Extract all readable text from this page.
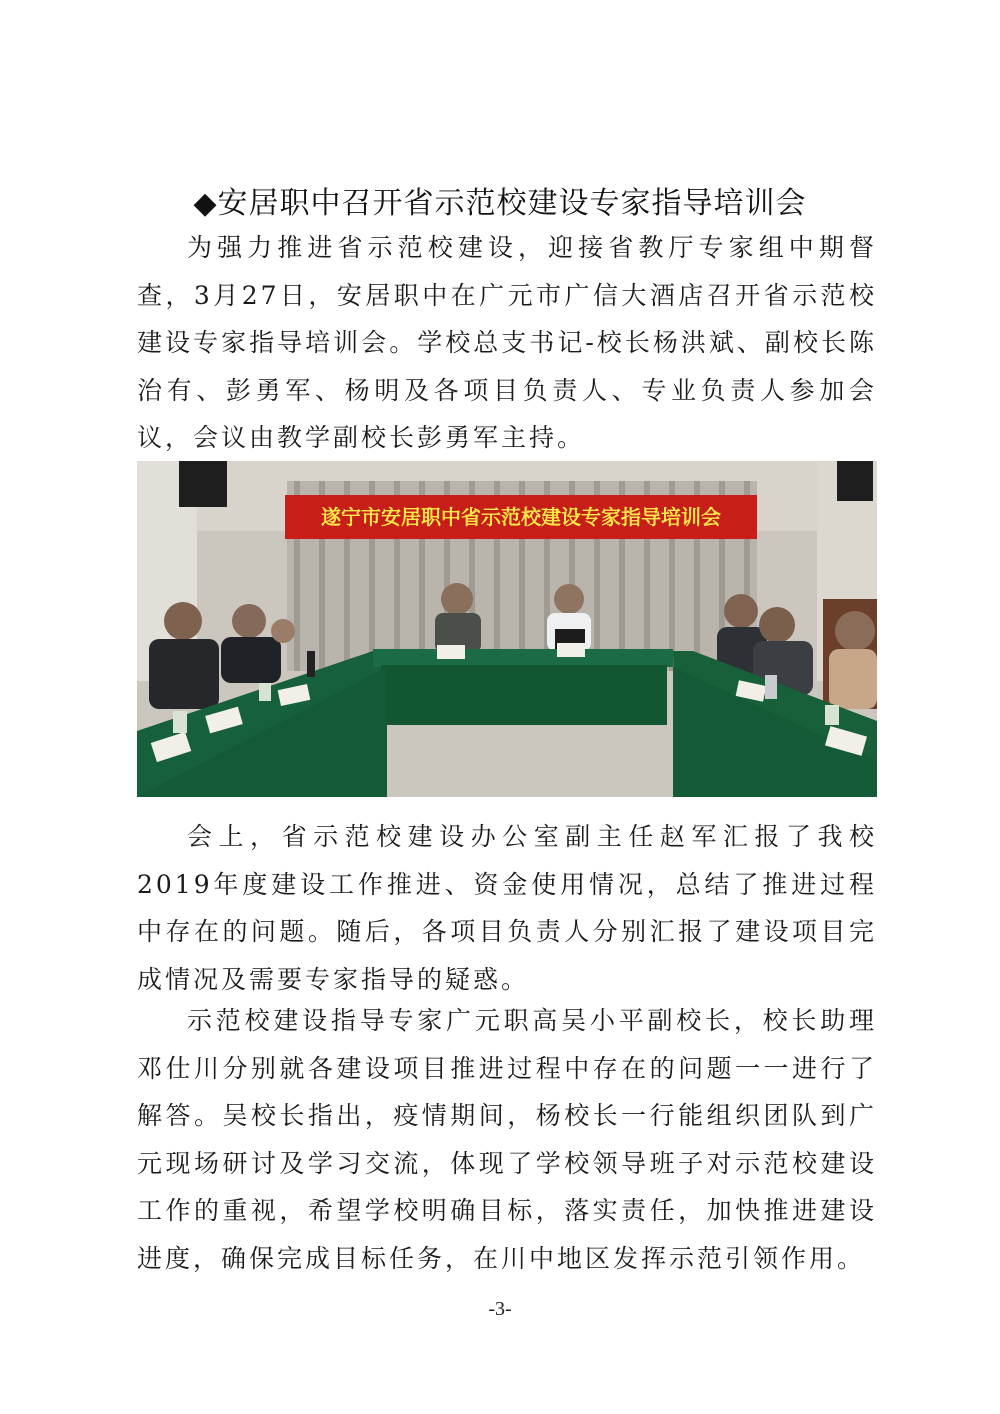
◆安居职中召开省示范校建设专家指导培训会

为强力推进省示范校建设，迎接省教厅专家组中期督查，3月27日，安居职中在广元市广信大酒店召开省示范校建设专家指导培训会。学校总支书记-校长杨洪斌、副校长陈治有、彭勇军、杨明及各项目负责人、专业负责人参加会议，会议由教学副校长彭勇军主持。

遂宁市安居职中省示范校建设专家指导培训会

会上，省示范校建设办公室副主任赵军汇报了我校2019年度建设工作推进、资金使用情况，总结了推进过程中存在的问题。随后，各项目负责人分别汇报了建设项目完成情况及需要专家指导的疑惑。

示范校建设指导专家广元职高吴小平副校长，校长助理邓仕川分别就各建设项目推进过程中存在的问题一一进行了解答。吴校长指出，疫情期间，杨校长一行能组织团队到广元现场研讨及学习交流，体现了学校领导班子对示范校建设工作的重视，希望学校明确目标，落实责任，加快推进建设进度，确保完成目标任务，在川中地区发挥示范引领作用。

-3-
